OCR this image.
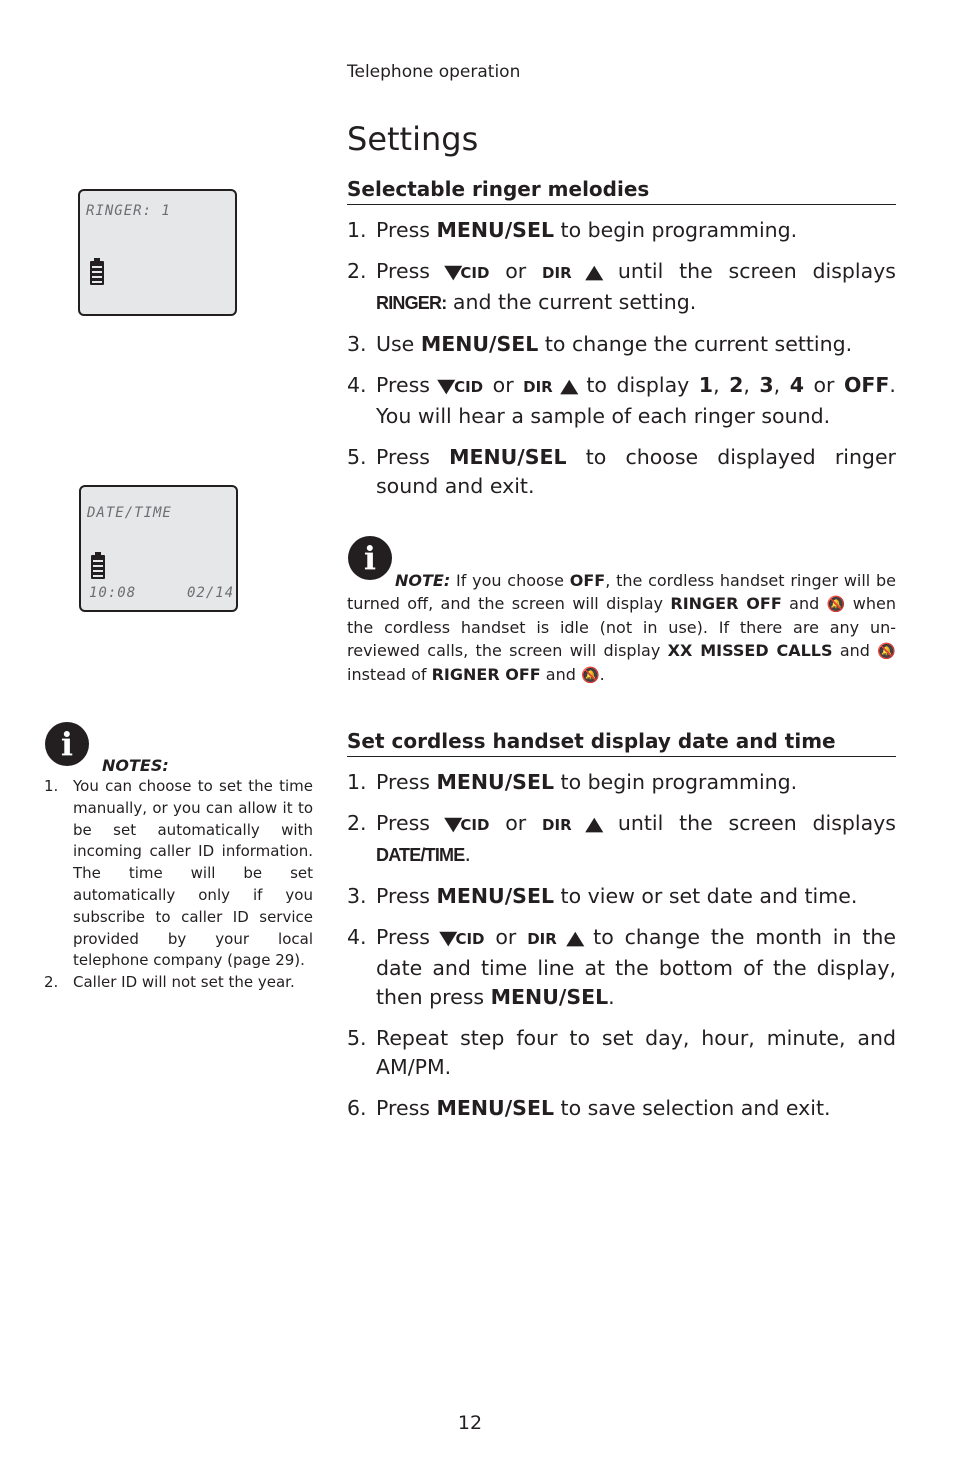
Telephone operation
Settings
RINGER: 1
Selectable ringer melodies
1. Press MENU/SEL to begin programming.
2. Press ▼CID or DIR ▲ until the screen displays RINGER: and the current setting.
3. Use MENU/SEL to change the current setting.
4. Press ▼CID or DIR ▲ to display 1, 2, 3, 4 or OFF. You will hear a sample of each ringer sound.
5. Press MENU/SEL to choose displayed ringer sound and exit.
DATE/TIME
10:08	02/14
i
NOTE: If you choose OFF, the cordless handset ringer will be turned off, and the screen will display RINGER OFF and 🔕 when the cordless handset is idle (not in use). If there are any un-reviewed calls, the screen will display XX MISSED CALLS and 🔕 instead of RIGNER OFF and 🔕.
Set cordless handset display date and time
1. Press MENU/SEL to begin programming.
2. Press ▼CID or DIR ▲ until the screen displays DATE/TIME.
3. Press MENU/SEL to view or set date and time.
4. Press ▼CID or DIR ▲ to change the month in the date and time line at the bottom of the display, then press MENU/SEL.
5. Repeat step four to set day, hour, minute, and AM/PM.
6. Press MENU/SEL to save selection and exit.
i
NOTES:
1. You can choose to set the time manually, or you can allow it to be set automatically with incoming caller ID information. The time will be set automatically only if you subscribe to caller ID service provided by your local telephone company (page 29).
2. Caller ID will not set the year.
12
